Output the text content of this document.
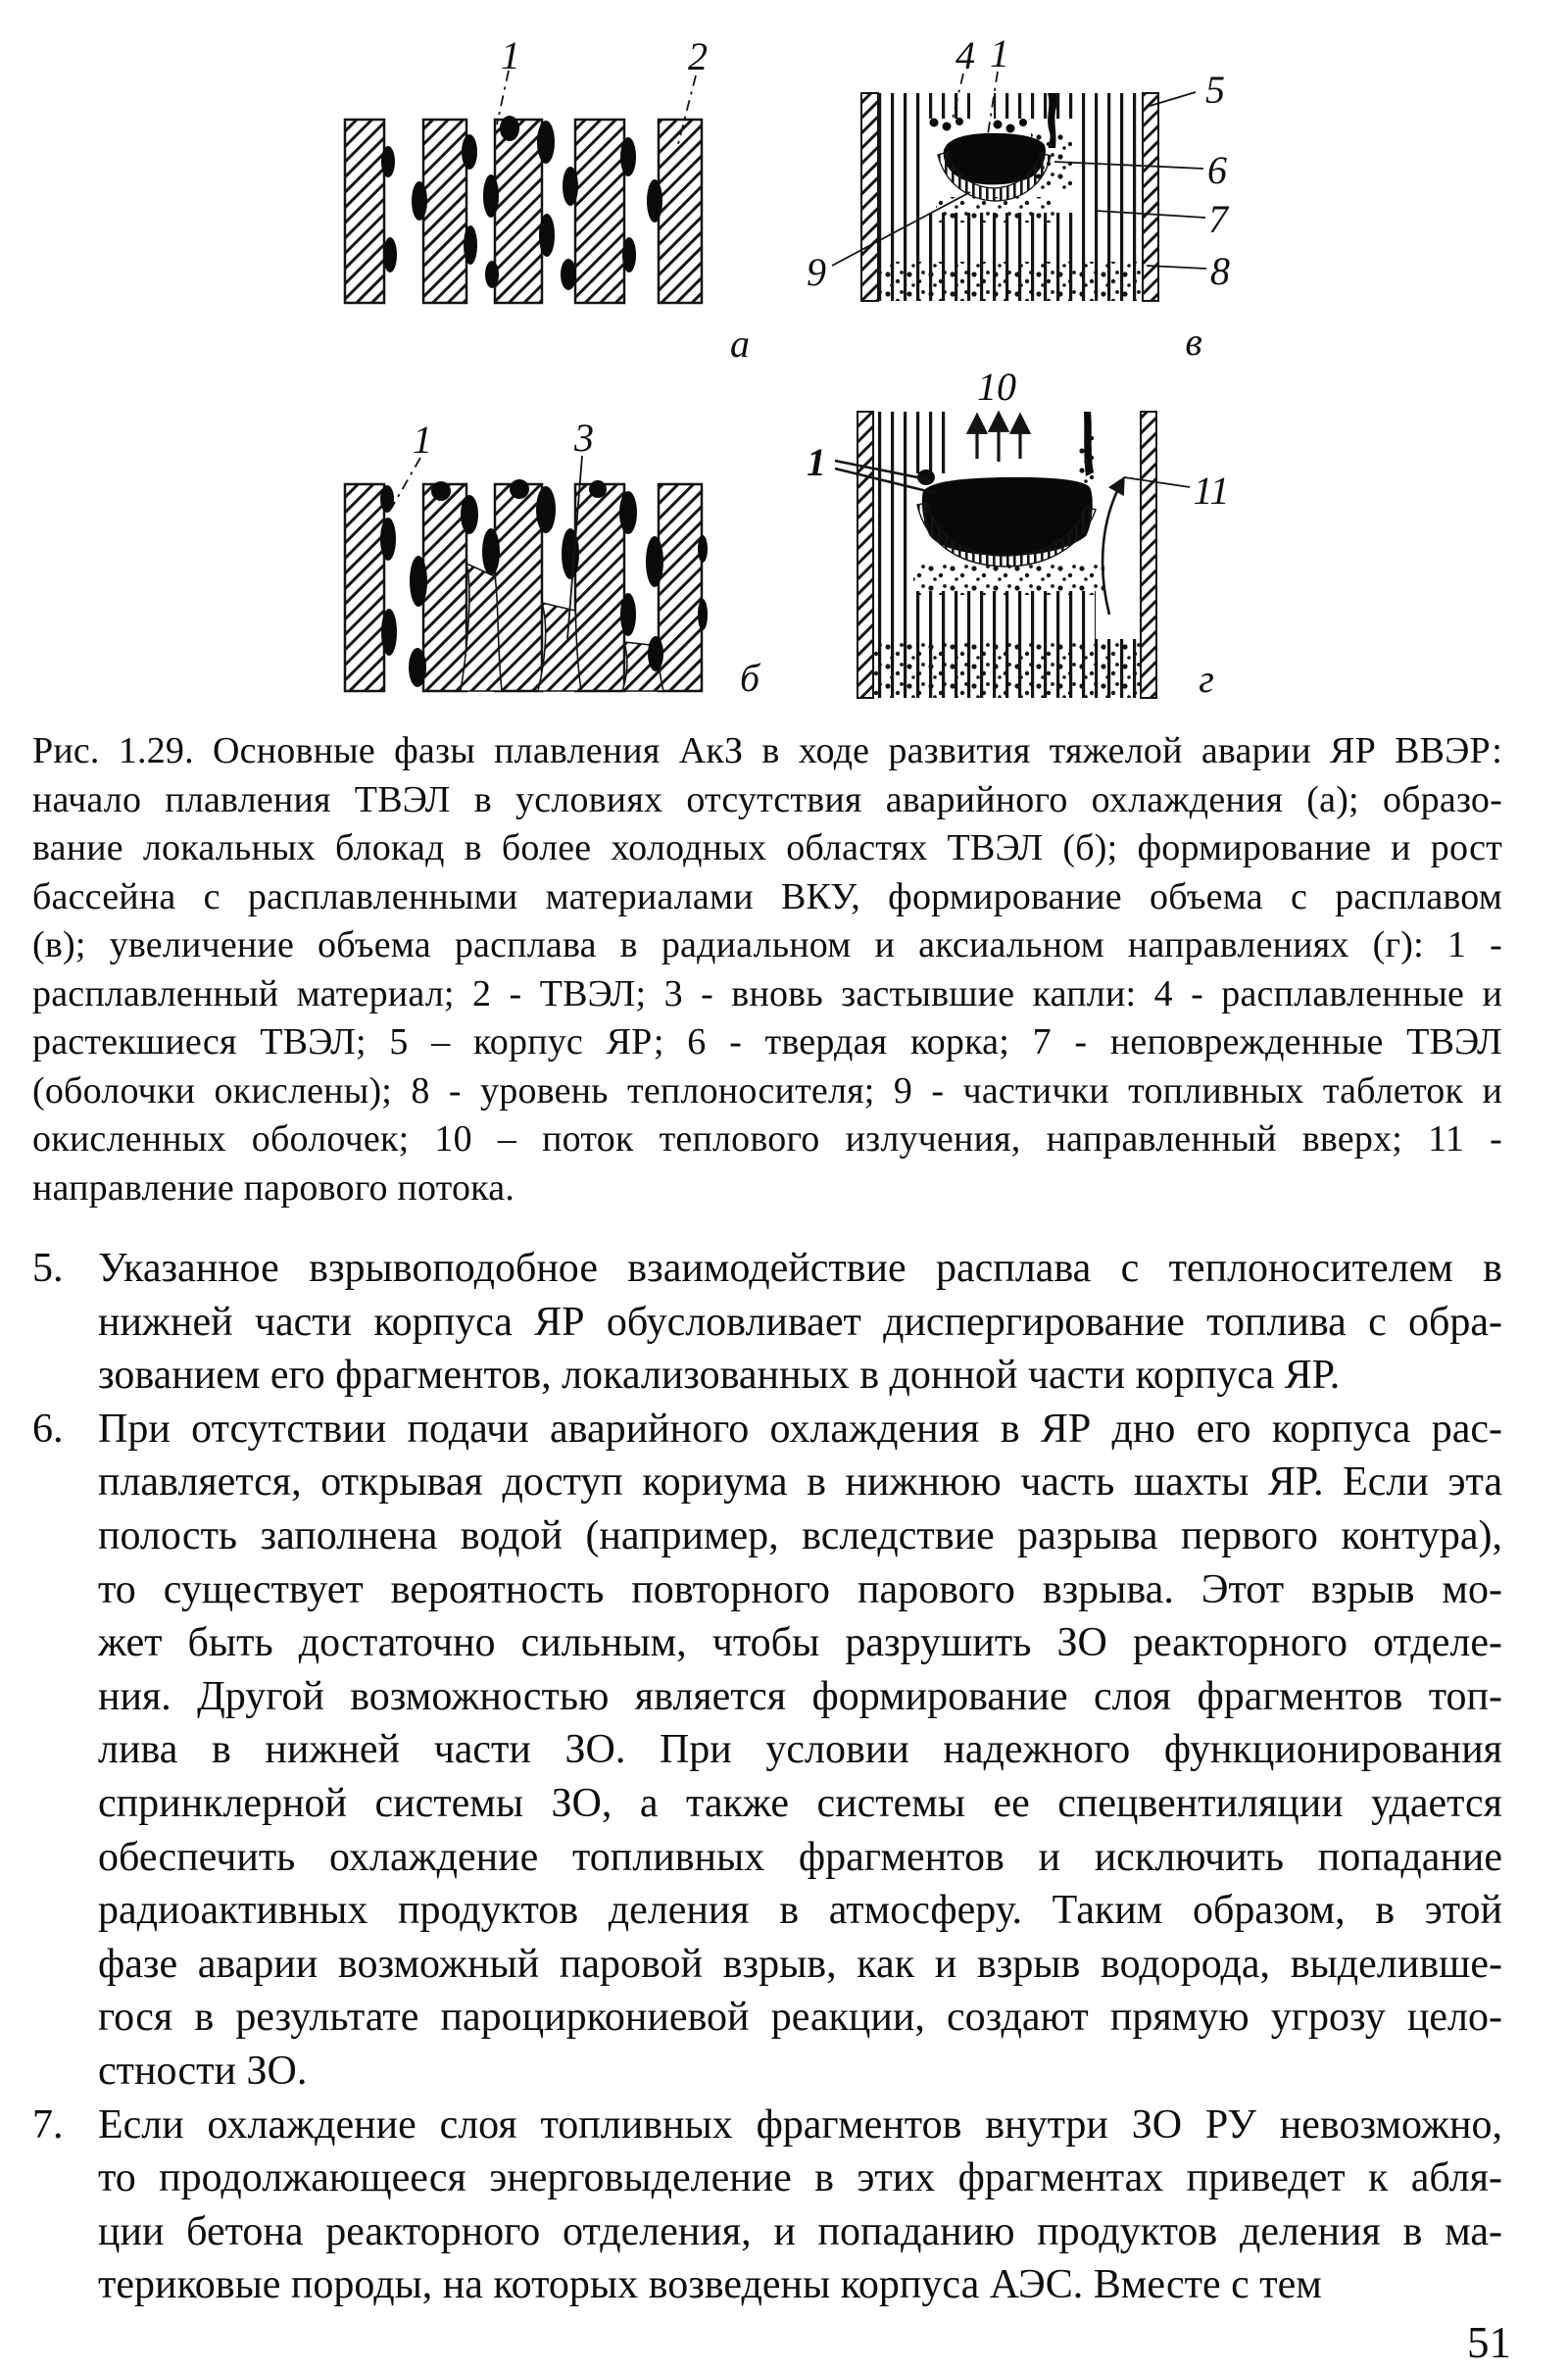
1	2
а
1	3
б
4 1
5
6
7
8
9
в
10
1
11
г
Рис. 1.29. Основные фазы плавления АкЗ в ходе развития тяжелой аварии ЯР ВВЭР:
начало плавления ТВЭЛ в условиях отсутствия аварийного охлаждения (а); образо-
вание локальных блокад в более холодных областях ТВЭЛ (б); формирование и рост
бассейна с расплавленными материалами ВКУ, формирование объема с расплавом
(в); увеличение объема расплава в радиальном и аксиальном направлениях (г): 1 -
расплавленный материал; 2 - ТВЭЛ; 3 - вновь застывшие капли: 4 - расплавленные и
растекшиеся ТВЭЛ; 5 – корпус ЯР; 6 - твердая корка; 7 - неповрежденные ТВЭЛ
(оболочки окислены); 8 - уровень теплоносителя; 9 - частички топливных таблеток и
окисленных оболочек; 10 – поток теплового излучения, направленный вверх; 11 -
направление парового потока.
5. Указанное взрывоподобное взаимодействие расплава с теплоносителем в
нижней части корпуса ЯР обусловливает диспергирование топлива с обра-
зованием его фрагментов, локализованных в донной части корпуса ЯР.
6. При отсутствии подачи аварийного охлаждения в ЯР дно его корпуса рас-
плавляется, открывая доступ кориума в нижнюю часть шахты ЯР. Если эта
полость заполнена водой (например, вследствие разрыва первого контура),
то существует вероятность повторного парового взрыва. Этот взрыв мо-
жет быть достаточно сильным, чтобы разрушить ЗО реакторного отделе-
ния. Другой возможностью является формирование слоя фрагментов топ-
лива в нижней части ЗО. При условии надежного функционирования
спринклерной системы ЗО, а также системы ее спецвентиляции удается
обеспечить охлаждение топливных фрагментов и исключить попадание
радиоактивных продуктов деления в атмосферу. Таким образом, в этой
фазе аварии возможный паровой взрыв, как и взрыв водорода, выделивше-
гося в результате пароциркониевой реакции, создают прямую угрозу цело-
стности ЗО.
7. Если охлаждение слоя топливных фрагментов внутри ЗО РУ невозможно,
то продолжающееся энерговыделение в этих фрагментах приведет к абля-
ции бетона реакторного отделения, и попаданию продуктов деления в ма-
териковые породы, на которых возведены корпуса АЭС. Вместе с тем
51
